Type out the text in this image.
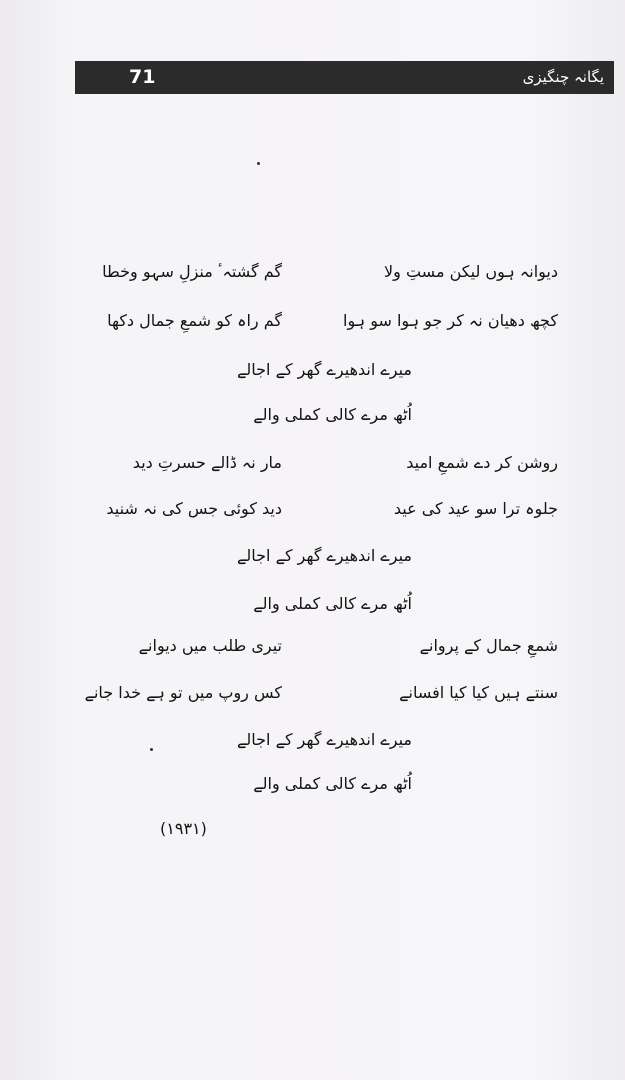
71	یگانہ چنگیزی
دیوانہ ہوں لیکن مستِ ولا
گم گشتہٴ منزلِ سہو وخطا
کچھ دھیان نہ کر جو ہوا سو ہوا
گم راہ کو شمعِ جمال دکھا
میرے اندھیرے گھر کے اجالے
اُٹھ مرے کالی کملی والے
روشن کر دے شمعِ امید
مار نہ ڈالے حسرتِ دید
جلوہ ترا سو عید کی عید
دید کوئی جس کی نہ شنید
میرے اندھیرے گھر کے اجالے
اُٹھ مرے کالی کملی والے
شمعِ جمال کے پروانے
تیری طلب میں دیوانے
سنتے ہیں کیا کیا افسانے
کس روپ میں تو ہے خدا جانے
میرے اندھیرے گھر کے اجالے
اُٹھ مرے کالی کملی والے
(۱۹۳۱)
